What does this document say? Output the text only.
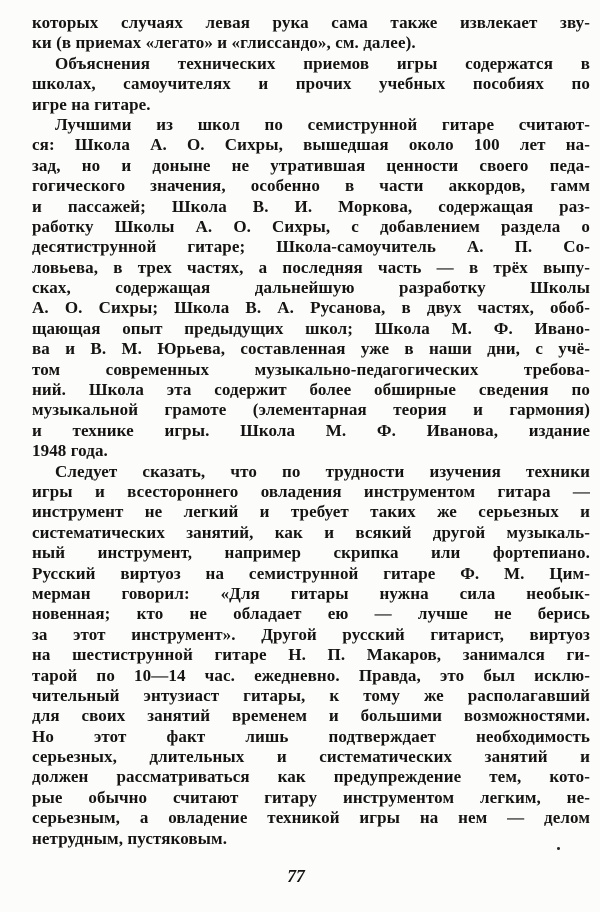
которых случаях левая рука сама также извлекает зву-
ки (в приемах «легато» и «глиссандо», см. далее).
Объяснения технических приемов игры содержатся в
школах, самоучителях и прочих учебных пособиях по
игре на гитаре.
Лучшими из школ по семиструнной гитаре считают-
ся: Школа А. О. Сихры, вышедшая около 100 лет на-
зад, но и доныне не утратившая ценности своего педа-
гогического значения, особенно в части аккордов, гамм
и пассажей; Школа В. И. Моркова, содержащая раз-
работку Школы А. О. Сихры, с добавлением раздела о
десятиструнной гитаре; Школа-самоучитель А. П. Со-
ловьева, в трех частях, а последняя часть — в трёх выпу-
сках, содержащая дальнейшую разработку Школы
А. О. Сихры; Школа В. А. Русанова, в двух частях, обоб-
щающая опыт предыдущих школ; Школа М. Ф. Ивано-
ва и В. М. Юрьева, составленная уже в наши дни, с учё-
том современных музыкально-педагогических требова-
ний. Школа эта содержит более обширные сведения по
музыкальной грамоте (элементарная теория и гармония)
и технике игры. Школа М. Ф. Иванова, издание
1948 года.
Следует сказать, что по трудности изучения техники
игры и всестороннего овладения инструментом гитара —
инструмент не легкий и требует таких же серьезных и
систематических занятий, как и всякий другой музыкаль-
ный инструмент, например скрипка или фортепиано.
Русский виртуоз на семиструнной гитаре Ф. М. Цим-
мерман говорил: «Для гитары нужна сила необык-
новенная; кто не обладает ею — лучше не берись
за этот инструмент». Другой русский гитарист, виртуоз
на шестиструнной гитаре Н. П. Макаров, занимался ги-
тарой по 10—14 час. ежедневно. Правда, это был исклю-
чительный энтузиаст гитары, к тому же располагавший
для своих занятий временем и большими возможностями.
Но этот факт лишь подтверждает необходимость
серьезных, длительных и систематических занятий и
должен рассматриваться как предупреждение тем, кото-
рые обычно считают гитару инструментом легким, не-
серьезным, а овладение техникой игры на нем — делом
нетрудным, пустяковым.
77
